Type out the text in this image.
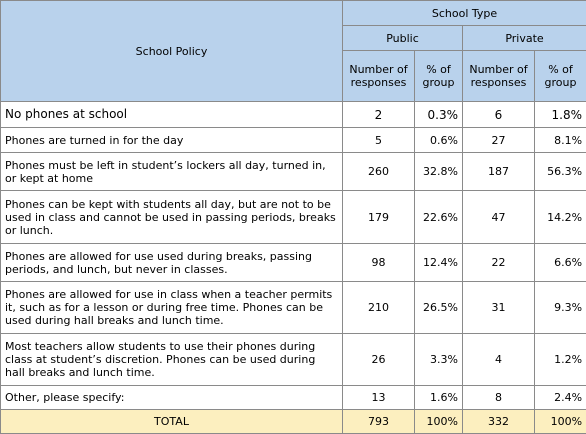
School Policy	School Type			
	Public		Private	
	Number of responses	% of group	Number of responses	% of group
No phones at school	2	0.3%	6	1.8%
Phones are turned in for the day	5	0.6%	27	8.1%
Phones must be left in student’s lockers all day, turned in, or kept at home	260	32.8%	187	56.3%
Phones can be kept with students all day, but are not to be used in class and cannot be used in passing periods, breaks or lunch.	179	22.6%	47	14.2%
Phones are allowed for use used during breaks, passing periods, and lunch, but never in classes.	98	12.4%	22	6.6%
Phones are allowed for use in class when a teacher permits it, such as for a lesson or during free time. Phones can be used during hall breaks and lunch time.	210	26.5%	31	9.3%
Most teachers allow students to use their phones during class at student’s discretion. Phones can be used during hall breaks and lunch time.	26	3.3%	4	1.2%
Other, please specify:	13	1.6%	8	2.4%
TOTAL	793	100%	332	100%
